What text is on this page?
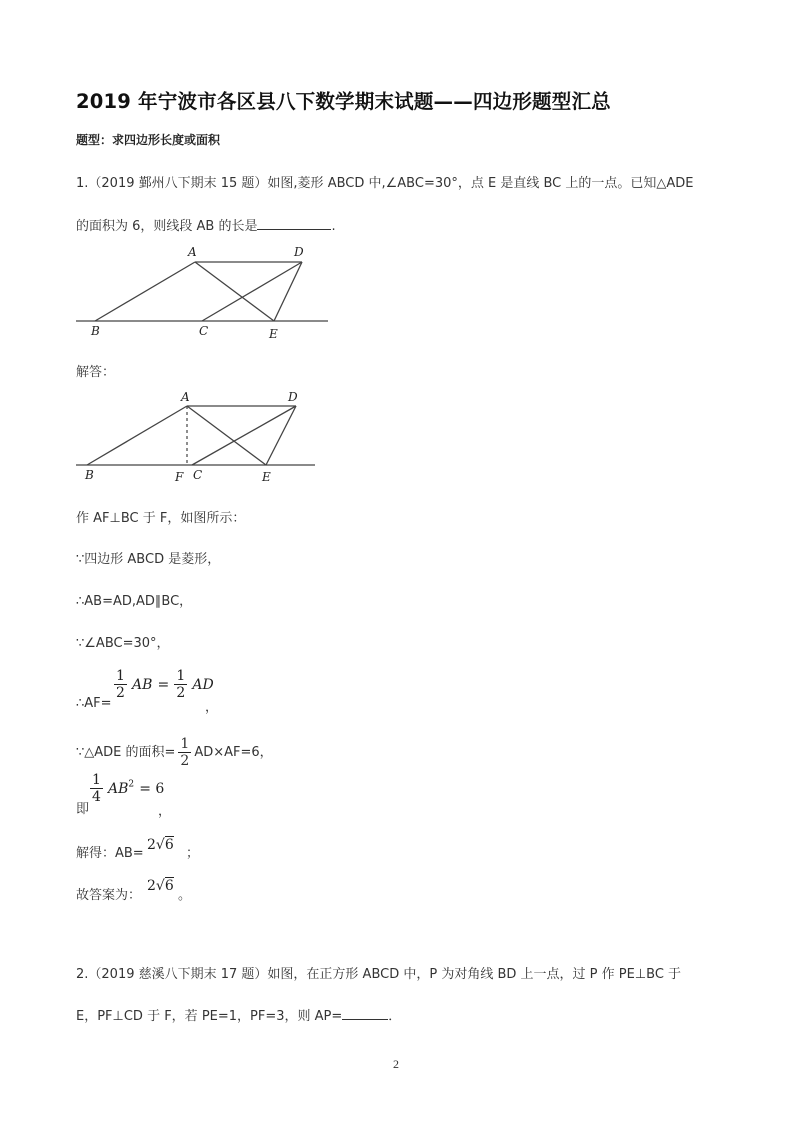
2019 年宁波市各区县八下数学期末试题——四边形题型汇总
题型：求四边形长度或面积
1.（2019 鄞州八下期末 15 题）如图,菱形 ABCD 中,∠ABC=30°，点 E 是直线 BC 上的一点。已知△ADE
的面积为 6，则线段 AB 的长是	.
A	D
B	C	E
解答：
A	D
B	F C	E
作 AF⊥BC 于 F，如图所示：
∵四边形 ABCD 是菱形，
∴AB=AD,AD∥BC，
∵∠ABC=30°，
∴AF=
$\frac{1}{2}$ AB = $\frac{1}{2}$ AD
，
∵△ADE 的面积= $\frac{1}{2} AD\times AF=6$，
即
$\frac{1}{4} AB^2 = 6$
，
解得：AB=
2√6
；
故答案为：
2√6
。
2.（2019 慈溪八下期末 17 题）如图，在正方形 ABCD 中，P 为对角线 BD 上一点，过 P 作 PE⊥BC 于
E，PF⊥CD 于 F，若 PE=1，PF=3，则 AP=	．
2
